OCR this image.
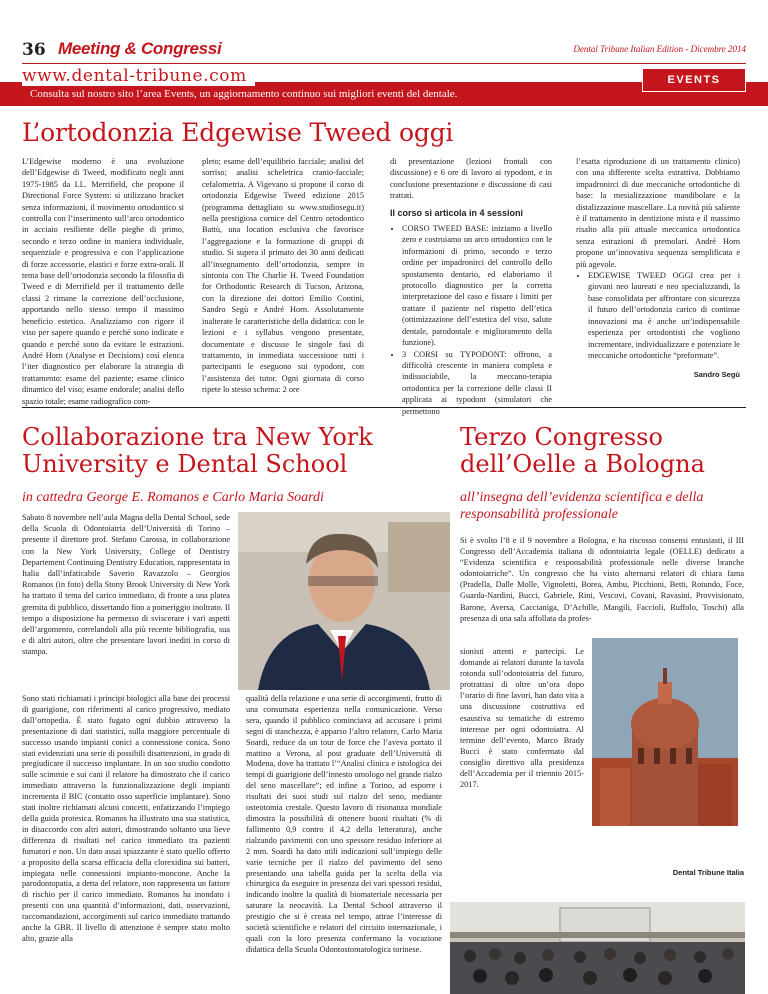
36 Meeting & Congressi	Dental Tribune Italian Edition - Dicembre 2014
www.dental-tribune.com
Consulta sul nostro sito l’area Events, un aggiornamento continuo sui migliori eventi del dentale.
EVENTS
L’ortodonzia Edgewise Tweed oggi

L’Edgewise moderno è una evoluzione dell’Edgewise di Tweed, modificato negli anni 1975-1985 da LL. Merrifield, che propone il Directional Force System: si utilizzano bracket senza informazioni, il movimento ortodontico si controlla con l’inserimento sull’arco ortodontico in acciaio resiliente delle pieghe di primo, secondo e terzo ordine in maniera individuale, sequenziale e progressiva e con l’applicazione di forze accessorie, elastici e forze extra-orali. Il tema base dell’ortodonzia secondo la filosofia di Tweed e di Merrifield per il trattamento delle classi 2 rimane la correzione dell’occlusione, apportando nello stesso tempo il massimo beneficio estetico. Analizziamo con rigore il viso per sapere quando e perché sono indicate e quando e perché sono da evitare le estrazioni. André Horn (Analyse et Decisions) così elenca l’iter diagnostico per elaborare la strategia di trattamento: esame del paziente; esame clinico dinamico del viso; esame endorale; analisi dello spazio totale; esame radiografico com-

pleto; esame dell’equilibrio facciale; analisi del sorriso; analisi scheletrica cranio-facciale; cefalometria. A Vigevano si propone il corso di ortodonzia Edgewise Tweed edizione 2015 (programma dettagliato su www.studiosegu.it) nella prestigiosa cornice del Centro ortodontico Battù, una location esclusiva che favorisce l’aggregazione e la formazione di gruppi di studio. Si supera il primato dei 30 anni dedicati all’insegnamento dell’ortodonzia, sempre in sintonia con The Charlie H. Tweed Foundation for Orthodontic Research di Tucson, Arizona, con la direzione dei dottori Emilio Contini, Sandro Segù e André Horn. Assolutamente inalterate le caratteristiche della didattica: con le lezioni e i syllabus vengono presentate, documentate e discusse le singole fasi di trattamento, in immediata successione tutti i partecipanti le eseguono sui typodont, con l’assistenza dei tutor. Ogni giornata di corso ripete lo stesso schema: 2 ore

di presentazione (lezioni frontali con discussione) e 6 ore di lavoro ai typodont, e in conclusione presentazione e discussione di casi trattati.

Il corso si articola in 4 sessioni
• CORSO TWEED BASE: iniziamo a livello zero e costruiamo un arco ortodontico con le informazioni di primo, secondo e terzo ordine per impadronirci del controllo dello spostamento dentario, ed elaboriamo il protocollo diagnostico per la corretta interpretazione del caso e fissare i limiti per trattare il paziente nel rispetto dell’etica (ottimizzazione dell’estetica del viso, salute dentale, parodontale e miglioramento della funzione).
• 3 CORSI su TYPODONT: offrono, a difficoltà crescente in maniera completa e indissociabile, la meccano-terapia ortodontica per la correzione delle classi II applicata ai typodont (simulatori che permettono

l’esatta riproduzione di un trattamento clinico) con una differente scelta estrattiva. Dobbiamo impadronirci di due meccaniche ortodontiche di base: la mesializzazione mandibolare e la distalizzazione mascellare. La novità più saliente è il trattamento in dentizione mista e il massimo risalto alla più attuale meccanica ortodontica senza estrazioni di premolari. André Horn propone un’innovativa sequenza semplificata e più agevole.

• EDGEWISE TWEED OGGI crea per i giovani neo laureati e neo specializzandi, la base consolidata per affrontare con sicurezza il futuro dell’ortodonzia carico di continue innovazioni ma è anche un’indispensabile esperienza per ortodontisti che vogliono incrementare, individualizzare e potenziare le meccaniche ortodontiche “preformate”.
Sandro Segù
Collaborazione tra New York University e Dental School
in cattedra George E. Romanos e Carlo Maria Soardi

Sabato 8 novembre nell’aula Magna della Dental School, sede della Scuola di Odontoiatria dell’Università di Torino – presente il direttore prof. Stefano Carossa, in collaborazione con la New York University, College of Dentistry Departement Continuing Dentistry Education, rappresentata in Italia dall’infaticabile Saverio Ravazzolo – Georgios Romanos (in foto) della Stony Brook University di New York ha trattato il tema del carico immediato, di fronte a una platea gremita di pubblico, dissertando fino a pomeriggio inoltrato. Il tempo a disposizione ha permesso di sviscerare i vari aspetti dell’argomento, correlandoli alla più recente bibliografia, sua e di altri autori, oltre che presentare lavori inediti in corso di stampa.

Sono stati richiamati i principi biologici alla base dei processi di guarigione, con riferimenti al carico progressivo, mediato dall’ortopedia. È stato fugato ogni dubbio attraverso la presentazione di dati statistici, sulla maggiore percentuale di successo usando impianti conici a connessione conica. Sono stati evidenziati una serie di possibili disattenzioni, in grado di pregiudicare il successo implantare. In un suo studio condotto sulle scimmie e sui cani il relatore ha dimostrato che il carico immediato attraverso la funzionalizzazione degli impianti incrementa il BIC (contatto osso superficie implantare). Sono stati inoltre richiamati alcuni concetti, enfatizzando l’impiego della guida protesica. Romanos ha illustrato una sua statistica, in disaccordo con altri autori, dimostrando soltanto una lieve differenza di risultati nel carico immediato tra pazienti fumatori e non. Un dato assai spiazzante è stato quello offerto a proposito della scarsa efficacia della clorexidina sui batteri, impiegata nelle connessioni impianto-moncone. Anche la parodontopatia, a detta del relatore, non rappresenta un fattore di rischio per il carico immediato. Romanos ha inondato i presenti con una quantità d’informazioni, dati, osservazioni, raccomandazioni, accorgimenti sul carico immediato trattando anche la GBR. Il livello di attenzione è sempre stato molto alto, grazie alla

qualità della relazione e una serie di accorgimenti, frutto di una consumata esperienza nella comunicazione. Verso sera, quando il pubblico cominciava ad accusare i primi segni di stanchezza, è apparso l’altro relatore, Carlo Maria Soardi, reduce da un tour de force che l’aveva portato il mattino a Verona, al post graduate dell’Università di Modena, dove ha trattato l’“Analisi clinica e istologica dei tempi di guarigione dell’innesto omologo nel grande rialzo del seno mascellare”; ed infine a Torino, ad esporre i risultati dei suoi studi sul rialzo del seno, mediante osteotomia crestale. Questo lavoro di risonanza mondiale dimostra la possibilità di ottenere buoni risultati (% di fallimento 0,9 contro il 4,2 della letteratura), anche rialzando pavimenti con uno spessore residuo inferiore ai 2 mm. Soardi ha dato utili indicazioni sull’impiego delle varie tecniche per il rialzo del pavimento del seno presentando una tabella guida per la scelta della via chirurgica da eseguire in presenza dei vari spessori residui, indicando inoltre la qualità di biomateriale necessaria per saturare la neocavità. La Dental School attraverso il prestigio che si è creata nel tempo, attrae l’interesse di società scientifiche e relatori del circuito internazionale, i quali con la loro presenza confermano la vocazione didattica della Scuola Odontostomatologica torinese.

Terzo Congresso dell’Oelle a Bologna
all’insegna dell’evidenza scientifica e della responsabilità professionale
Si è svolto l’8 e il 9 novembre a Bologna, e ha riscosso consensi entusiasti, il III Congresso dell’Accademia italiana di odontoiatria legale (OELLE) dedicato a “Evidenza scientifica e responsabilità professionale nelle diverse branche odontoiatriche”. Un congresso che ha visto alternarsi relatori di chiara fama (Pradella, Dalle Molle, Vignoletti, Borea, Ambu, Picchioni, Betti, Rotundo, Foce, Guarda-Nardini, Bucci, Gabriele, Rini, Vescovi, Covani, Ravasini, Provvisionato, Barone, Aversa, Caccianiga, D’Achille, Mangili, Faccioli, Ruffolo, Toschi) alla presenza di una sala affollata da profes-
sionisti attenti e partecipi. Le domande ai relatori durante la tavola rotonda sull’odontoiatria del futuro, protrattasi di oltre un’ora dopo l’orario di fine lavori, han dato vita a una discussione costruttiva ed esaustiva su tematiche di estremo interesse per ogni odontoiatra. Al termine dell’evento, Marco Brady Bucci è stato confermato dal consiglio direttivo alla presidenza dell’Accademia per il triennio 2015-2017.
Dental Tribune Italia
